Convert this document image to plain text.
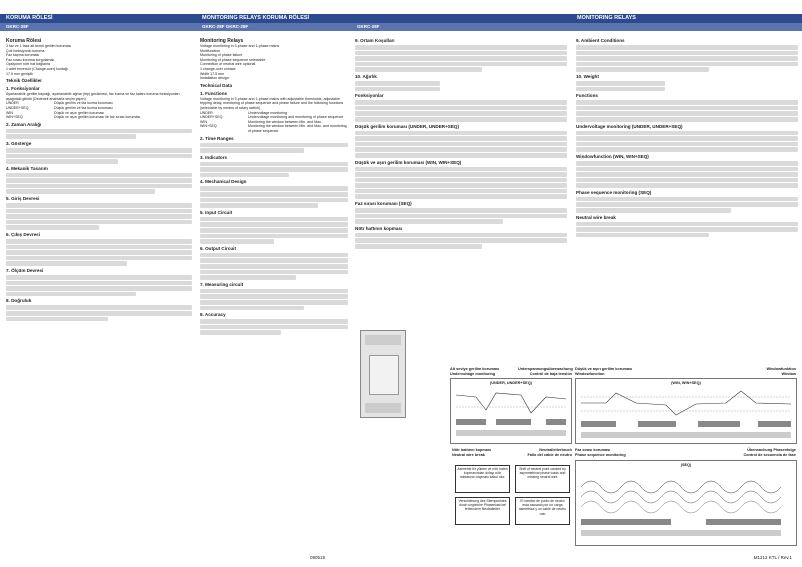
KORUMA RÖLESİ	MONITORING RELAYS KORUMA RÖLESİ	MONITORING RELAYS
GKRC-28F	GKRC-28F GKRC-28F	GKRC-28F
Koruma Rölesi
3 faz ve 1 faza ait temel gerilim koruması
Çok fonksiyonlu koruma
Faz kaçma koruması
Faz sırası koruma sorgulamalı
Opsiyonel nötr hat bağlama
1 adet enversör (Change-over) kontağı
17.5 mm genişlik
Teknik Özellikler
1. Fonksiyonlar
Ayarlanabilir gerilim bayrağı, ayarlanabilir ağma (trip) gecikmesi, faz kızma ve faz kalanı koruma fonksiyonları aşağıdaki gibidir (Dedeneli anahtarla seçim yapın)
UNDER	Düşük gerilim ve faz kızma koruması
UNDER+SEQ	Düşük gerilim ve faz kızma koruması
WIN	Düşük ve aşırı gerilim koruması
WIN+SEQ	Düşük ve aşırı gerilim koruması ile faz sırası koruması
2. Zaman Aralığı
3. Gösterge
4. Mekanik Tasarım
5. Giriş Devresi
6. Çıkış Devresi
7. Ölçüm Devresi
8. Doğruluk
Monitoring Relays
Voltage monitoring in 3-phase and 1-phase mains
Multifunction
Monitoring of phase failure
Monitoring of phase sequence selectable
Connection of neutral wire optional
1 change-over contact
Width 17.5 mm
Installation design
Technical Data
1. Functions
Voltage monitoring in 3-phase and 1-phase mains with adjustable thresholds, adjustable tripping delay, monitoring of phase sequence and phase failure and the following functions (selectable by means of rotary switch)
UNDER	Undervoltage monitoring
UNDER+SEQ	Undervoltage monitoring and monitoring of phase sequence
WIN	Monitoring the window between Min. and Max.
WIN+SEQ	Monitoring the window between Min. and Max. and monitoring of phase sequence
2. Time Ranges
3. Indicators
4. Mechanical Design
5. Input Circuit
6. Output Circuit
7. Measuring circuit
8. Accuracy
9. Ortam Koşulları
10. Ağırlık
Fonksiyonlar
Düşük gerilim koruması (UNDER, UNDER+SEQ)
Düşük ve aşırı gerilim koruması (WIN, WIN+SEQ)
Faz sırası koruması (SEQ)
Nötr hattının kopması
9. Ambient Conditions
10. Weight
Functions
Undervoltage monitoring (UNDER, UNDER+SEQ)
Windowfunction (WIN, WIN+SEQ)
Phase sequence monitoring (SEQ)
Neutral wire break
Alt seviye gerilim koruması
Undervoltage monitoring
Unterspannungsüberwachung
Contrôl de baja tensión
Düşük ve aşırı gerilim koruması
Windowfunction
Windowfunktion
Window
(UNDER, UNDER+SEQ)	(WIN, WIN+SEQ)
Nötr hattının kopması
Neutral wire break
Neutralleiterbruch
Fallo del cable de neutro
Faz sırası koruması
Phase sequence monitoring
Überwachung Phasenfolge
Control de secuencia de fase
(SEQ)
Asimetrik bir yükten ve nötr hattın kopmasından dolayı nötr noktasının kayması kabul olur.
Shift of neutral point caused by asymmetrical phase loads and missing neutral wire
Verschiebung des Sternpunktes durch ungleiche Phasenlast bei fehlendem Neutralleiter
El cambio de punto de neutro esta causado por un carga asimétrica y un cable de neutro roto
090519	M1212 KTL / Rev.1
